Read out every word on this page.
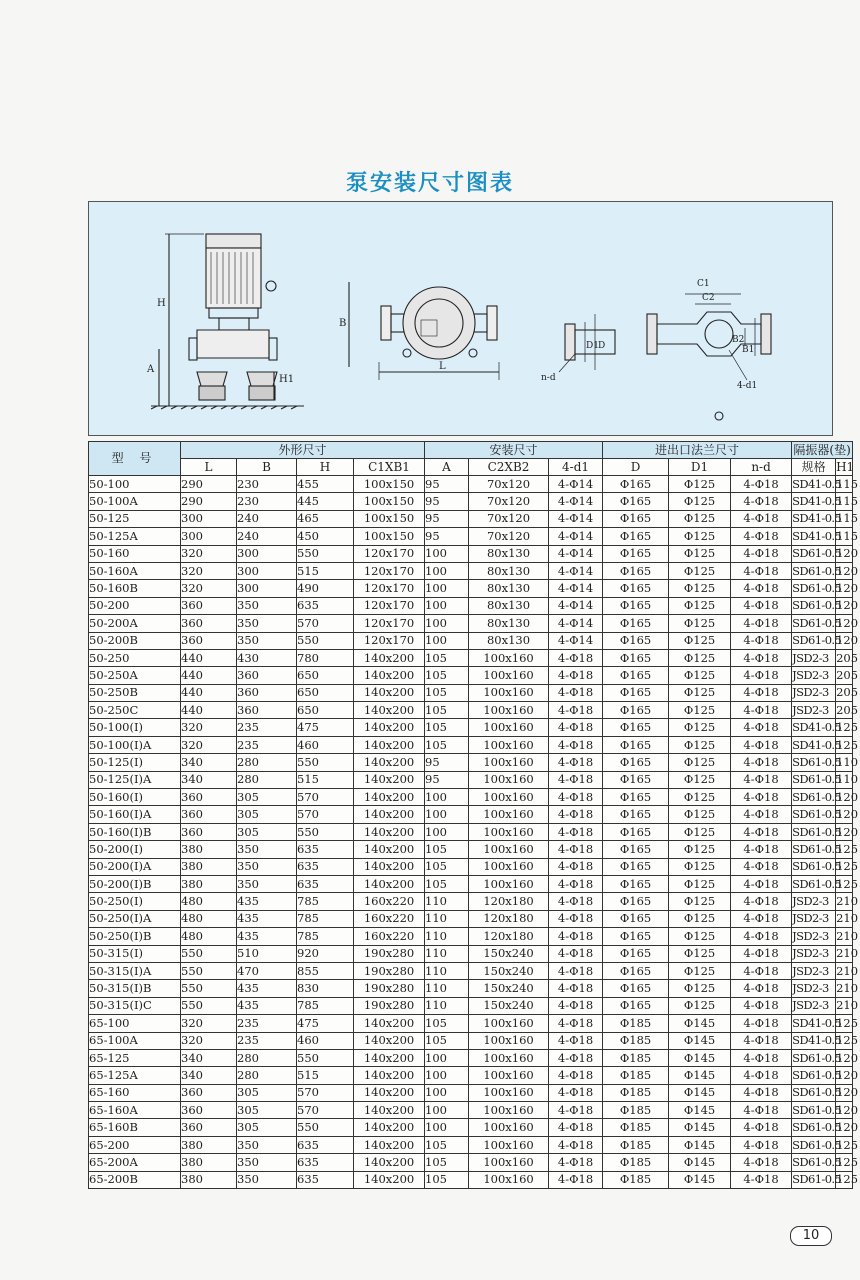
泵安装尺寸图表
H
A
H1
B
L
C1
C2
B2
B1
D
D1
n-d
4-d1
型 号	外形尺寸				安装尺寸			进出口法兰尺寸			隔振器(垫)	
	L	B	H	C1XB1	A	C2XB2	4-d1	D	D1	n-d	规格	H1
50-100	290	230	455	100x150	95	70x120	4-Φ14	Φ165	Φ125	4-Φ18	SD41-0.5	115
50-100A	290	230	445	100x150	95	70x120	4-Φ14	Φ165	Φ125	4-Φ18	SD41-0.5	115
50-125	300	240	465	100x150	95	70x120	4-Φ14	Φ165	Φ125	4-Φ18	SD41-0.5	115
50-125A	300	240	450	100x150	95	70x120	4-Φ14	Φ165	Φ125	4-Φ18	SD41-0.5	115
50-160	320	300	550	120x170	100	80x130	4-Φ14	Φ165	Φ125	4-Φ18	SD61-0.5	120
50-160A	320	300	515	120x170	100	80x130	4-Φ14	Φ165	Φ125	4-Φ18	SD61-0.5	120
50-160B	320	300	490	120x170	100	80x130	4-Φ14	Φ165	Φ125	4-Φ18	SD61-0.5	120
50-200	360	350	635	120x170	100	80x130	4-Φ14	Φ165	Φ125	4-Φ18	SD61-0.5	120
50-200A	360	350	570	120x170	100	80x130	4-Φ14	Φ165	Φ125	4-Φ18	SD61-0.5	120
50-200B	360	350	550	120x170	100	80x130	4-Φ14	Φ165	Φ125	4-Φ18	SD61-0.5	120
50-250	440	430	780	140x200	105	100x160	4-Φ18	Φ165	Φ125	4-Φ18	JSD2-3	205
50-250A	440	360	650	140x200	105	100x160	4-Φ18	Φ165	Φ125	4-Φ18	JSD2-3	205
50-250B	440	360	650	140x200	105	100x160	4-Φ18	Φ165	Φ125	4-Φ18	JSD2-3	205
50-250C	440	360	650	140x200	105	100x160	4-Φ18	Φ165	Φ125	4-Φ18	JSD2-3	205
50-100(I)	320	235	475	140x200	105	100x160	4-Φ18	Φ165	Φ125	4-Φ18	SD41-0.5	125
50-100(I)A	320	235	460	140x200	105	100x160	4-Φ18	Φ165	Φ125	4-Φ18	SD41-0.5	125
50-125(I)	340	280	550	140x200	95	100x160	4-Φ18	Φ165	Φ125	4-Φ18	SD61-0.5	110
50-125(I)A	340	280	515	140x200	95	100x160	4-Φ18	Φ165	Φ125	4-Φ18	SD61-0.5	110
50-160(I)	360	305	570	140x200	100	100x160	4-Φ18	Φ165	Φ125	4-Φ18	SD61-0.5	120
50-160(I)A	360	305	570	140x200	100	100x160	4-Φ18	Φ165	Φ125	4-Φ18	SD61-0.5	120
50-160(I)B	360	305	550	140x200	100	100x160	4-Φ18	Φ165	Φ125	4-Φ18	SD61-0.5	120
50-200(I)	380	350	635	140x200	105	100x160	4-Φ18	Φ165	Φ125	4-Φ18	SD61-0.5	125
50-200(I)A	380	350	635	140x200	105	100x160	4-Φ18	Φ165	Φ125	4-Φ18	SD61-0.5	125
50-200(I)B	380	350	635	140x200	105	100x160	4-Φ18	Φ165	Φ125	4-Φ18	SD61-0.5	125
50-250(I)	480	435	785	160x220	110	120x180	4-Φ18	Φ165	Φ125	4-Φ18	JSD2-3	210
50-250(I)A	480	435	785	160x220	110	120x180	4-Φ18	Φ165	Φ125	4-Φ18	JSD2-3	210
50-250(I)B	480	435	785	160x220	110	120x180	4-Φ18	Φ165	Φ125	4-Φ18	JSD2-3	210
50-315(I)	550	510	920	190x280	110	150x240	4-Φ18	Φ165	Φ125	4-Φ18	JSD2-3	210
50-315(I)A	550	470	855	190x280	110	150x240	4-Φ18	Φ165	Φ125	4-Φ18	JSD2-3	210
50-315(I)B	550	435	830	190x280	110	150x240	4-Φ18	Φ165	Φ125	4-Φ18	JSD2-3	210
50-315(I)C	550	435	785	190x280	110	150x240	4-Φ18	Φ165	Φ125	4-Φ18	JSD2-3	210
65-100	320	235	475	140x200	105	100x160	4-Φ18	Φ185	Φ145	4-Φ18	SD41-0.5	125
65-100A	320	235	460	140x200	105	100x160	4-Φ18	Φ185	Φ145	4-Φ18	SD41-0.5	125
65-125	340	280	550	140x200	100	100x160	4-Φ18	Φ185	Φ145	4-Φ18	SD61-0.5	120
65-125A	340	280	515	140x200	100	100x160	4-Φ18	Φ185	Φ145	4-Φ18	SD61-0.5	120
65-160	360	305	570	140x200	100	100x160	4-Φ18	Φ185	Φ145	4-Φ18	SD61-0.5	120
65-160A	360	305	570	140x200	100	100x160	4-Φ18	Φ185	Φ145	4-Φ18	SD61-0.5	120
65-160B	360	305	550	140x200	100	100x160	4-Φ18	Φ185	Φ145	4-Φ18	SD61-0.5	120
65-200	380	350	635	140x200	105	100x160	4-Φ18	Φ185	Φ145	4-Φ18	SD61-0.5	125
65-200A	380	350	635	140x200	105	100x160	4-Φ18	Φ185	Φ145	4-Φ18	SD61-0.5	125
65-200B	380	350	635	140x200	105	100x160	4-Φ18	Φ185	Φ145	4-Φ18	SD61-0.5	125
10
